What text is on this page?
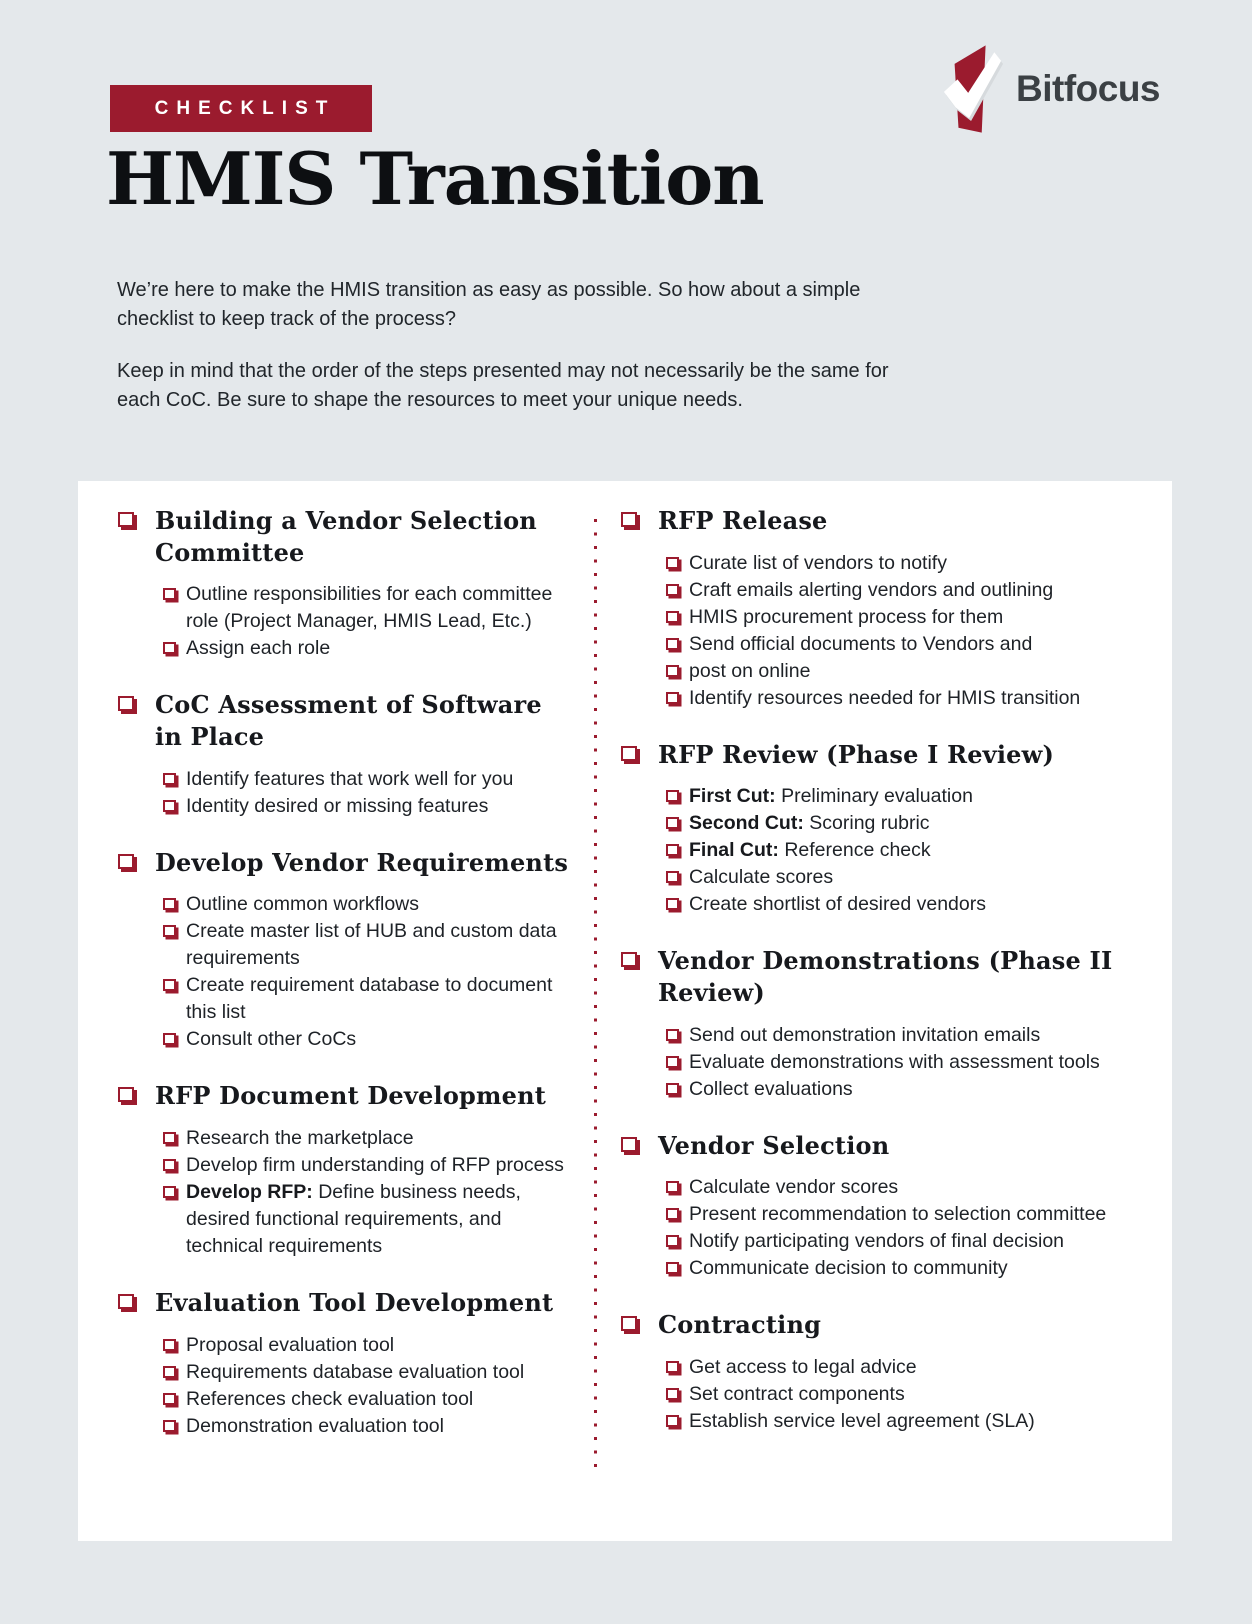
CHECKLIST	Bitfocus
HMIS Transition

We’re here to make the HMIS transition as easy as possible. So how about a simple checklist to keep track of the process?

Keep in mind that the order of the steps presented may not necessarily be the same for each CoC. Be sure to shape the resources to meet your unique needs.

Building a Vendor Selection Committee
Outline responsibilities for each committee role (Project Manager, HMIS Lead, Etc.)
Assign each role
CoC Assessment of Software in Place
Identify features that work well for you
Identity desired or missing features
Develop Vendor Requirements
Outline common workflows
Create master list of HUB and custom data requirements
Create requirement database to document this list
Consult other CoCs
RFP Document Development
Research the marketplace
Develop firm understanding of RFP process
Develop RFP: Define business needs, desired functional requirements, and technical requirements
Evaluation Tool Development
Proposal evaluation tool
Requirements database evaluation tool
References check evaluation tool
Demonstration evaluation tool
RFP Release
Curate list of vendors to notify
Craft emails alerting vendors and outlining
HMIS procurement process for them
Send official documents to Vendors and
post on online
Identify resources needed for HMIS transition
RFP Review (Phase I Review)
First Cut: Preliminary evaluation
Second Cut: Scoring rubric
Final Cut: Reference check
Calculate scores
Create shortlist of desired vendors
Vendor Demonstrations (Phase II Review)
Send out demonstration invitation emails
Evaluate demonstrations with assessment tools
Collect evaluations
Vendor Selection
Calculate vendor scores
Present recommendation to selection committee
Notify participating vendors of final decision
Communicate decision to community
Contracting
Get access to legal advice
Set contract components
Establish service level agreement (SLA)
